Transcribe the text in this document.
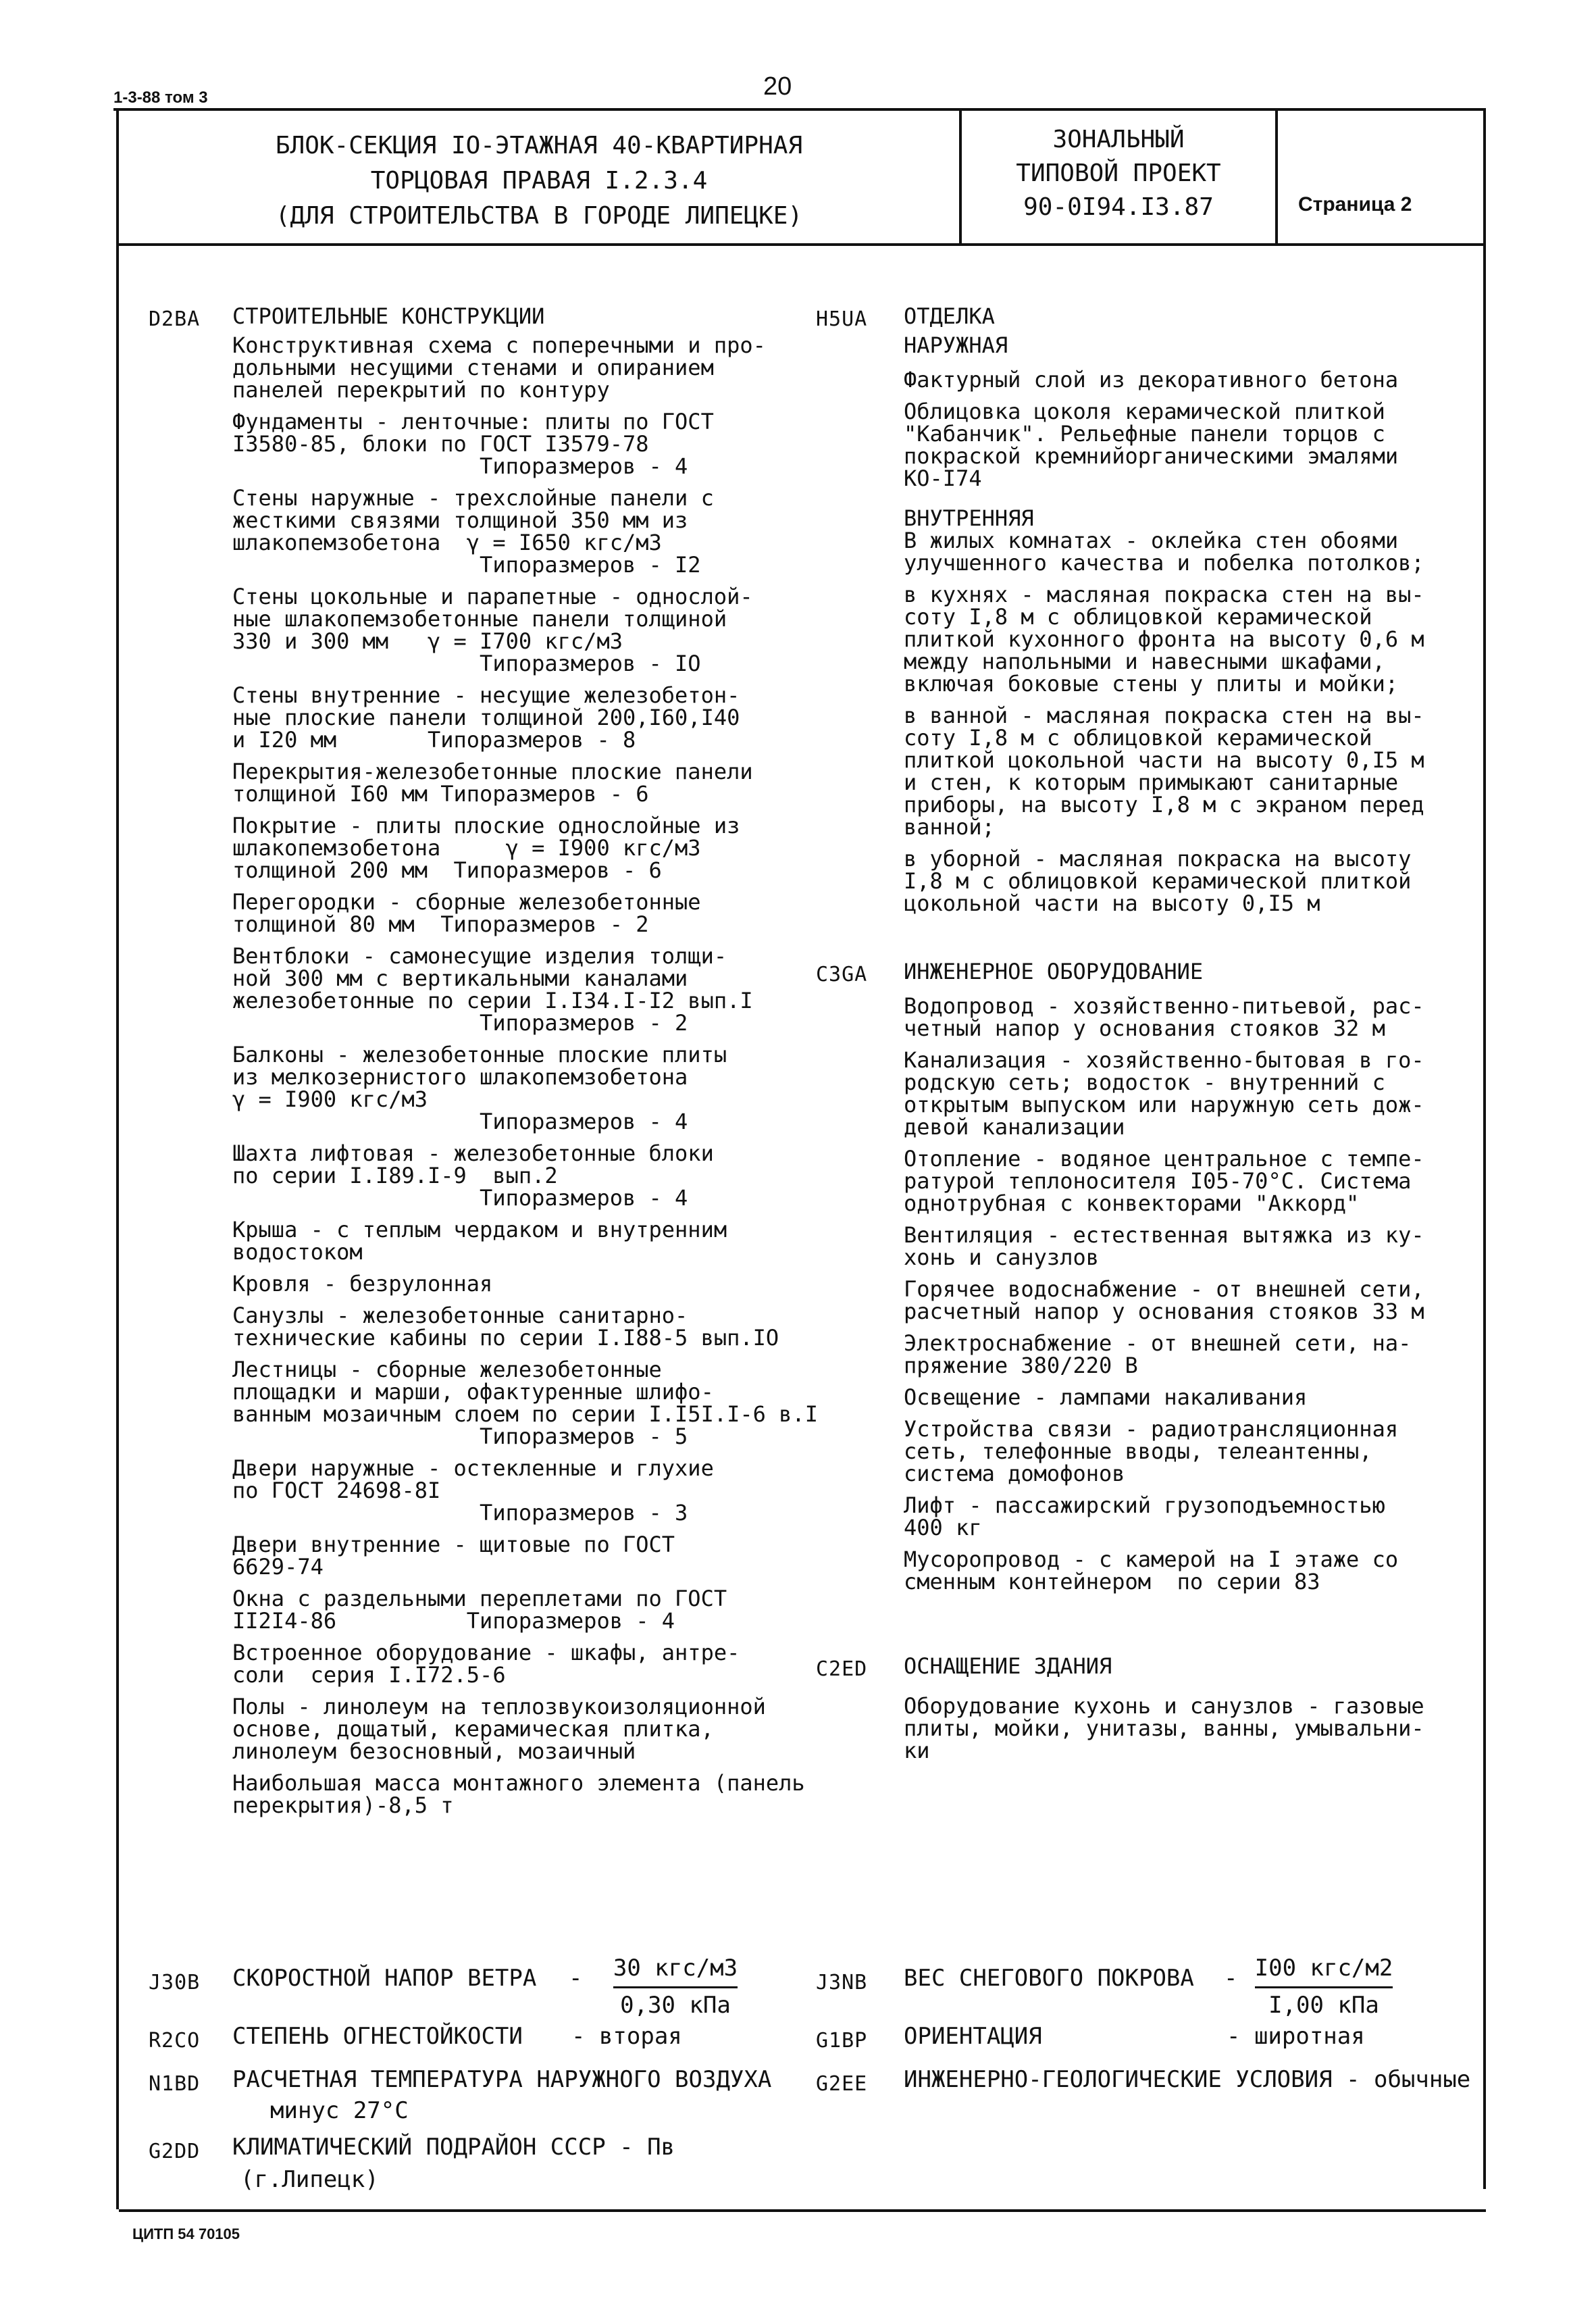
1-3-88 том 3	20
БЛОК-СЕКЦИЯ IO-ЭТАЖНАЯ 40-КВАРТИРНАЯ
ТОРЦОВАЯ ПРАВАЯ I.2.3.4
(ДЛЯ СТРОИТЕЛЬСТВА В ГОРОДЕ ЛИПЕЦКЕ)
ЗОНАЛЬНЫЙ
ТИПОВОЙ ПРОЕКТ
90-0I94.I3.87	Страница 2
D2BA СТРОИТЕЛЬНЫЕ КОНСТРУКЦИИ
Конструктивная схема с поперечными и про-
дольными несущими стенами и опиранием
панелей перекрытий по контуру
Фундаменты - ленточные: плиты по ГОСТ
I3580-85, блоки по ГОСТ I3579-78
Типоразмеров - 4
Стены наружные - трехслойные панели с
жесткими связями толщиной 350 мм из
шлакопемзобетона  γ = I650 кгс/м3
Типоразмеров - I2
Стены цокольные и парапетные - однослой-
ные шлакопемзобетонные панели толщиной
330 и 300 мм   γ = I700 кгс/м3
Типоразмеров - IO
Стены внутренние - несущие железобетон-
ные плоские панели толщиной 200,I60,I40
и I20 мм       Типоразмеров - 8
Перекрытия-железобетонные плоские панели
толщиной I60 мм Типоразмеров - 6
Покрытие - плиты плоские однослойные из
шлакопемзобетона     γ = I900 кгс/м3
толщиной 200 мм  Типоразмеров - 6
Перегородки - сборные железобетонные
толщиной 80 мм  Типоразмеров - 2
Вентблоки - самонесущие изделия толщи-
ной 300 мм с вертикальными каналами
железобетонные по серии I.I34.I-I2 вып.I
Типоразмеров - 2
Балконы - железобетонные плоские плиты
из мелкозернистого шлакопемзобетона
γ = I900 кгс/м3
Типоразмеров - 4
Шахта лифтовая - железобетонные блоки
по серии I.I89.I-9  вып.2
Типоразмеров - 4
Крыша - с теплым чердаком и внутренним
водостоком
Кровля - безрулонная
Санузлы - железобетонные санитарно-
технические кабины по серии I.I88-5 вып.IO
Лестницы - сборные железобетонные
площадки и марши, офактуренные шлифо-
ванным мозаичным слоем по серии I.I5I.I-6 в.I
Типоразмеров - 5
Двери наружные - остекленные и глухие
по ГОСТ 24698-8I
Типоразмеров - 3
Двери внутренние - щитовые по ГОСТ
6629-74
Окна с раздельными переплетами по ГОСТ
II2I4-86          Типоразмеров - 4
Встроенное оборудование - шкафы, антре-
соли  серия I.I72.5-6
Полы - линолеум на теплозвукоизоляционной
основе, дощатый, керамическая плитка,
линолеум безосновный, мозаичный
Наибольшая масса монтажного элемента (панель
перекрытия)-8,5 т
H5UA ОТДЕЛКА
НАРУЖНАЯ
Фактурный слой из декоративного бетона
Облицовка цоколя керамической плиткой
"Кабанчик". Рельефные панели торцов с
покраской кремнийорганическими эмалями
КО-I74
ВНУТРЕННЯЯ
В жилых комнатах - оклейка стен обоями
улучшенного качества и побелка потолков;
в кухнях - масляная покраска стен на вы-
соту I,8 м с облицовкой керамической
плиткой кухонного фронта на высоту 0,6 м
между напольными и навесными шкафами,
включая боковые стены у плиты и мойки;
в ванной - масляная покраска стен на вы-
соту I,8 м с облицовкой керамической
плиткой цокольной части на высоту 0,I5 м
и стен, к которым примыкают санитарные
приборы, на высоту I,8 м с экраном перед
ванной;
в уборной - масляная покраска на высоту
I,8 м с облицовкой керамической плиткой
цокольной части на высоту 0,I5 м
C3GA ИНЖЕНЕРНОЕ ОБОРУДОВАНИЕ
Водопровод - хозяйственно-питьевой, рас-
четный напор у основания стояков 32 м
Канализация - хозяйственно-бытовая в го-
родскую сеть; водосток - внутренний с
открытым выпуском или наружную сеть дож-
девой канализации
Отопление - водяное центральное с темпе-
ратурой теплоносителя I05-70°С. Система
однотрубная с конвекторами "Аккорд"
Вентиляция - естественная вытяжка из ку-
хонь и санузлов
Горячее водоснабжение - от внешней сети,
расчетный напор у основания стояков 33 м
Электроснабжение - от внешней сети, на-
пряжение 380/220 В
Освещение - лампами накаливания
Устройства связи - радиотрансляционная
сеть, телефонные вводы, телеантенны,
система домофонов
Лифт - пассажирский грузоподъемностью
400 кг
Мусоропровод - с камерой на I этаже со
сменным контейнером  по серии 83
C2ED ОСНАЩЕНИЕ ЗДАНИЯ
Оборудование кухонь и санузлов - газовые
плиты, мойки, унитазы, ванны, умывальни-
ки
J30B СКОРОСТНОЙ НАПОР ВЕТРА -	30 кгс/м3
0,30 кПа
J3NB ВЕС СНЕГОВОГО ПОКРОВА - I00 кгс/м2
I,00 кПа
R2CO СТЕПЕНЬ ОГНЕСТОЙКОСТИ - вторая	G1BP ОРИЕНТАЦИЯ	- широтная
N1BD РАСЧЕТНАЯ ТЕМПЕРАТУРА НАРУЖНОГО ВОЗДУХА
минус 27°С
G2EE ИНЖЕНЕРНО-ГЕОЛОГИЧЕСКИЕ УСЛОВИЯ - обычные
G2DD КЛИМАТИЧЕСКИЙ ПОДРАЙОН СССР - Пв
(г.Липецк)
ЦИТП 54 70105
